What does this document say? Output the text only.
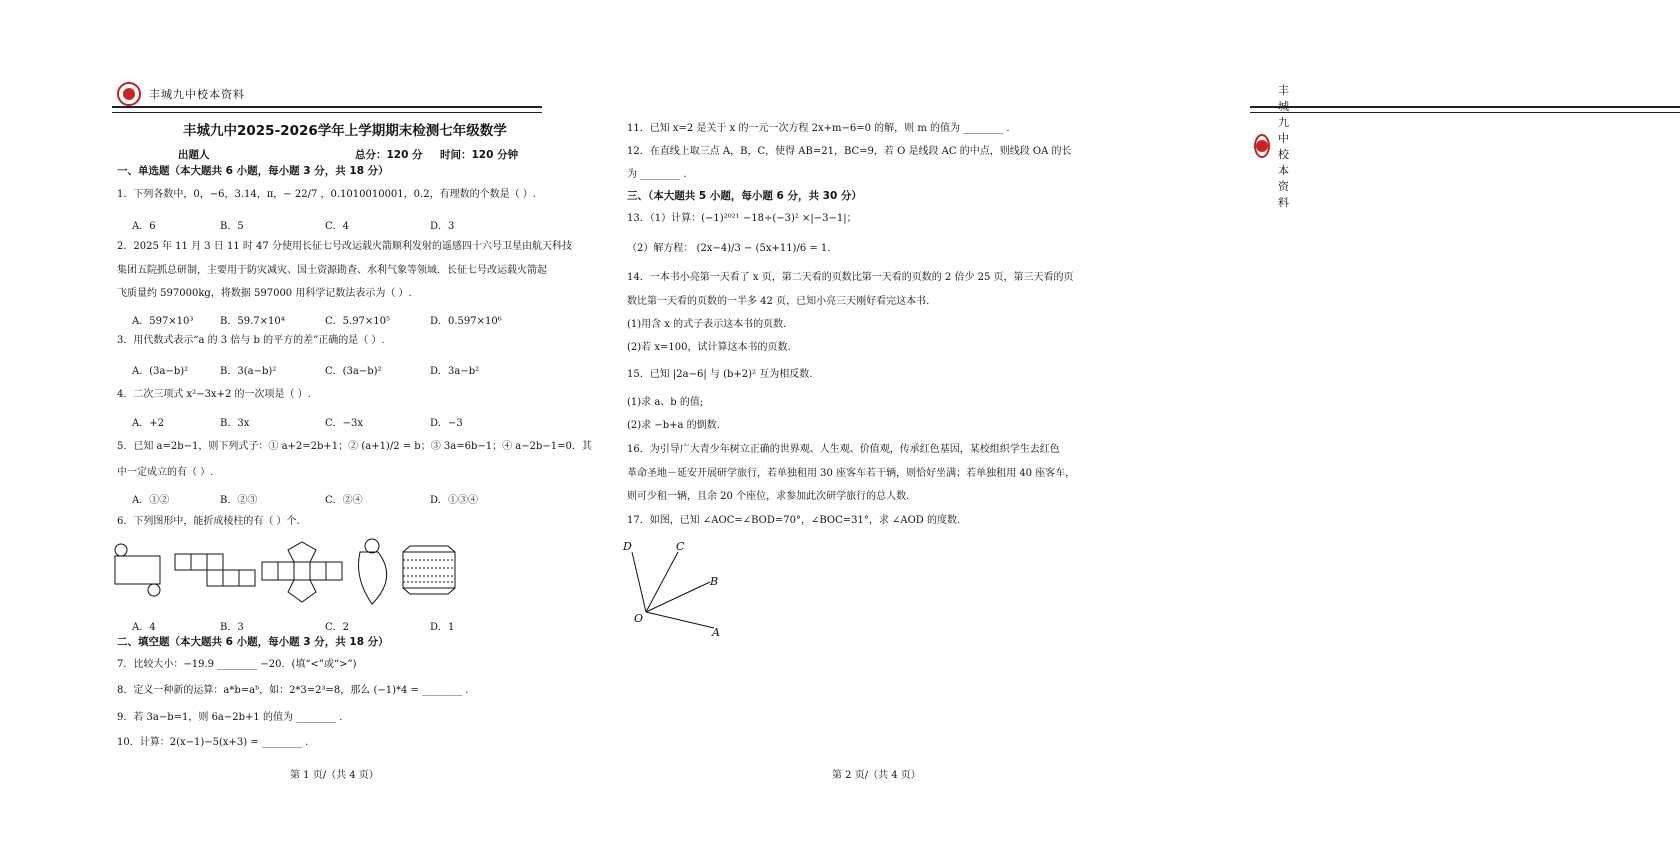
丰城九中校本资料
丰城九中2025-2026学年上学期期末检测七年级数学
出题人	总分：120 分 时间：120 分钟
一、单选题（本大题共 6 小题，每小题 3 分，共 18 分）
1．下列各数中，0，−6，3.14，π，− 22/7 ，0.1010010001，0.2，有理数的个数是（ ）.
A．6	B．5	C．4	D．3
2．2025 年 11 月 3 日 11 时 47 分使用长征七号改运载火箭顺利发射的遥感四十六号卫星由航天科技
集团五院抓总研制，主要用于防灾减灾、国土资源勘查、水利气象等领域．长征七号改运载火箭起
飞质量约 597000kg，将数据 597000 用科学记数法表示为（ ）.
A．597×10³	B．59.7×10⁴	C．5.97×10⁵	D．0.597×10⁶
3．用代数式表示“a 的 3 倍与 b 的平方的差”正确的是（ ）.
A．(3a−b)²	B．3(a−b)²	C．(3a−b)²	D．3a−b²
4．二次三项式 x²−3x+2 的一次项是（ ）.
A．+2	B．3x	C．−3x	D．−3
5．已知 a=2b−1，则下列式子：① a+2=2b+1；② (a+1)/2 = b；③ 3a=6b−1；④ a−2b−1=0．其
中一定成立的有（ ）.
A．①②	B．②③	C．②④	D．①③④
6．下列图形中，能折成棱柱的有（ ）个.
A．4	B．3	C．2	D．1
二、填空题（本大题共 6 小题，每小题 3 分，共 18 分）
7．比较大小：−19.9 ________ −20．(填“<”或“>”)
8．定义一种新的运算：a*b=aᵇ，如：2*3=2³=8，那么 (−1)*4 = ________ .
9．若 3a−b=1，则 6a−2b+1 的值为 ________ .
10．计算：2(x−1)−5(x+3) = ________ .
第 1 页/（共 4 页）
丰城九中校本资料
11．已知 x=2 是关于 x 的一元一次方程 2x+m−6=0 的解，则 m 的值为 ________ .
12．在直线上取三点 A，B，C，使得 AB=21，BC=9，若 O 是线段 AC 的中点，则线段 OA 的长
为 ________ .
三、（本大题共 5 小题，每小题 6 分，共 30 分）
13．（1）计算：(−1)²⁰²¹ −18÷(−3)² ×|−3−1|；
（2）解方程： (2x−4)/3 − (5x+11)/6 = 1.
14．一本书小亮第一天看了 x 页，第二天看的页数比第一天看的页数的 2 倍少 25 页，第三天看的页
数比第一天看的页数的一半多 42 页，已知小亮三天刚好看完这本书.
(1)用含 x 的式子表示这本书的页数.
(2)若 x=100，试计算这本书的页数.
15．已知 |2a−6| 与 (b+2)² 互为相反数.
(1)求 a、b 的值;
(2)求 −b+a 的倒数.
16．为引导广大青少年树立正确的世界观、人生观、价值观，传承红色基因，某校组织学生去红色
革命圣地－延安开展研学旅行，若单独租用 30 座客车若干辆，则恰好坐满；若单独租用 40 座客车，
则可少租一辆，且余 20 个座位，求参加此次研学旅行的总人数.
17．如图，已知 ∠AOC=∠BOD=70°，∠BOC=31°，求 ∠AOD 的度数.
D	C
B
O
A
第 2 页/（共 4 页）
